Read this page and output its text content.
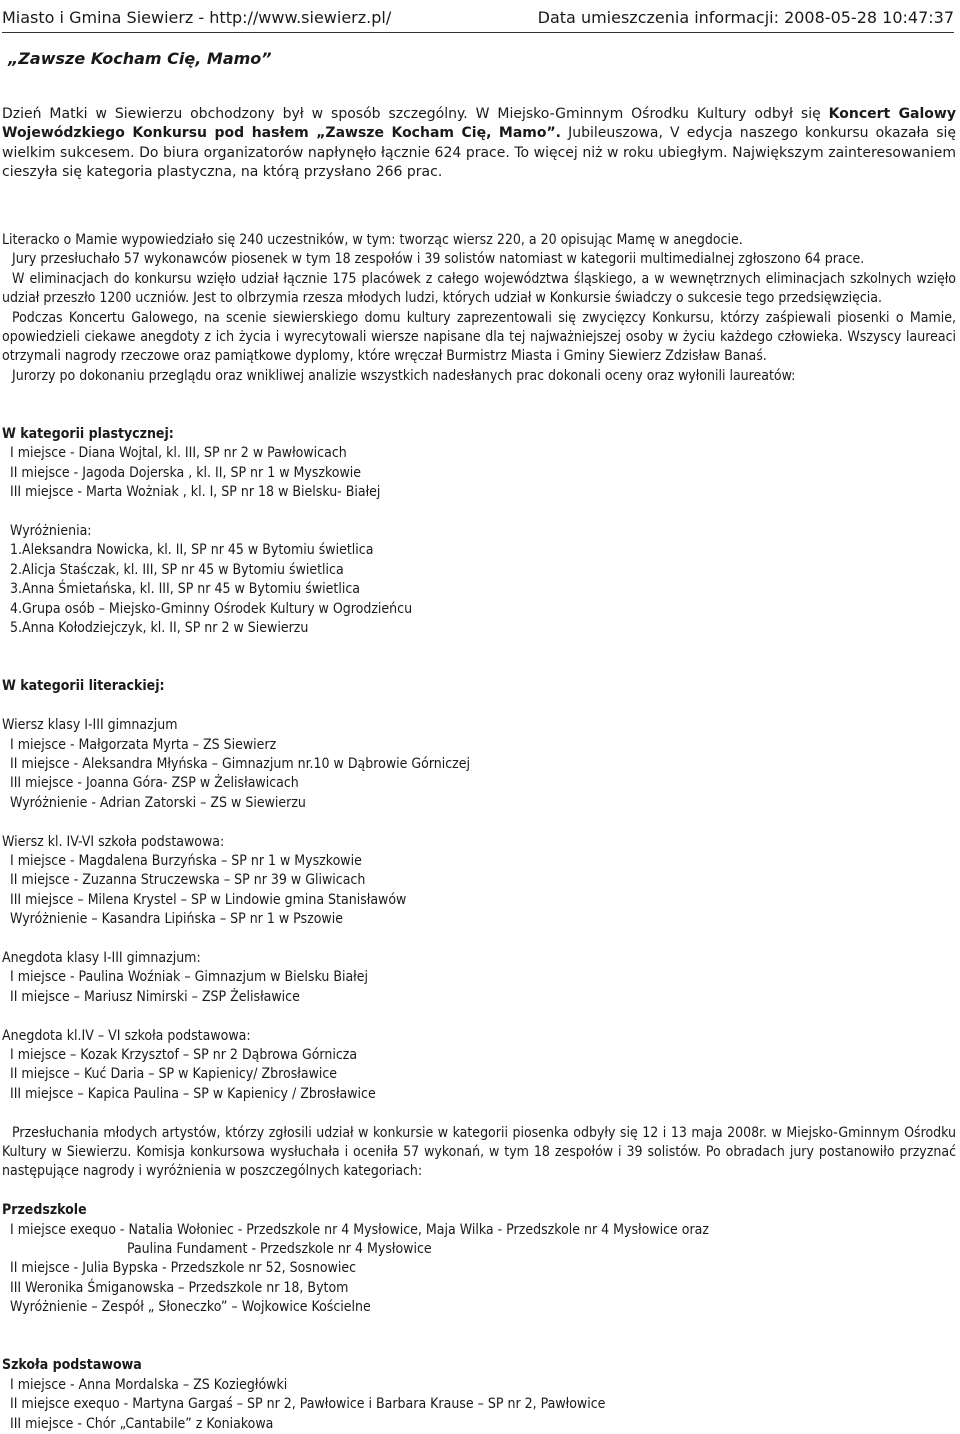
Miasto i Gmina Siewierz - http://www.siewierz.pl/	Data umieszczenia informacji: 2008-05-28 10:47:37
„Zawsze Kocham Cię, Mamo”
Dzień Matki w Siewierzu obchodzony był w sposób szczególny. W Miejsko-Gminnym Ośrodku Kultury odbył się Koncert Galowy Wojewódzkiego Konkursu pod hasłem „Zawsze Kocham Cię, Mamo”. Jubileuszowa, V edycja naszego konkursu okazała się wielkim sukcesem. Do biura organizatorów napłynęło łącznie 624 prace. To więcej niż w roku ubiegłym. Największym zainteresowaniem cieszyła się kategoria plastyczna, na którą przysłano 266 prac.

Literacko o Mamie wypowiedziało się 240 uczestników, w tym: tworząc wiersz 220, a 20 opisując Mamę w anegdocie.

Jury przesłuchało 57 wykonawców piosenek w tym 18 zespołów i 39 solistów natomiast w kategorii multimedialnej zgłoszono 64 prace.

W eliminacjach do konkursu wzięło udział łącznie 175 placówek z całego województwa śląskiego, a w wewnętrznych eliminacjach szkolnych wzięło udział przeszło 1200 uczniów. Jest to olbrzymia rzesza młodych ludzi, których udział w Konkursie świadczy o sukcesie tego przedsięwzięcia.

Podczas Koncertu Galowego, na scenie siewierskiego domu kultury zaprezentowali się zwycięzcy Konkursu, którzy zaśpiewali piosenki o Mamie, opowiedzieli ciekawe anegdoty z ich życia i wyrecytowali wiersze napisane dla tej najważniejszej osoby w życiu każdego człowieka. Wszyscy laureaci otrzymali nagrody rzeczowe oraz pamiątkowe dyplomy, które wręczał Burmistrz Miasta i Gminy Siewierz Zdzisław Banaś.

Jurorzy po dokonaniu przeglądu oraz wnikliwej analizie wszystkich nadesłanych prac dokonali oceny oraz wyłonili laureatów:

W kategorii plastycznej:

I miejsce - Diana Wojtal, kl. III, SP nr 2 w Pawłowicach

II miejsce - Jagoda Dojerska , kl. II, SP nr 1 w Myszkowie

III miejsce - Marta Wożniak , kl. I, SP nr 18 w Bielsku- Białej

Wyróżnienia:

1.Aleksandra Nowicka, kl. II, SP nr 45 w Bytomiu świetlica

2.Alicja Staśczak, kl. III, SP nr 45 w Bytomiu świetlica

3.Anna Śmietańska, kl. III, SP nr 45 w Bytomiu świetlica

4.Grupa osób – Miejsko-Gminny Ośrodek Kultury w Ogrodzieńcu

5.Anna Kołodziejczyk, kl. II, SP nr 2 w Siewierzu

W kategorii literackiej:

Wiersz klasy I-III gimnazjum

I miejsce - Małgorzata Myrta – ZS Siewierz

II miejsce - Aleksandra Młyńska – Gimnazjum nr.10 w Dąbrowie Górniczej

III miejsce - Joanna Góra- ZSP w Żelisławicach

Wyróżnienie - Adrian Zatorski – ZS w Siewierzu

Wiersz kl. IV-VI szkoła podstawowa:

I miejsce - Magdalena Burzyńska – SP nr 1 w Myszkowie

II miejsce - Zuzanna Struczewska – SP nr 39 w Gliwicach

III miejsce – Milena Krystel – SP w Lindowie gmina Stanisławów

Wyróżnienie – Kasandra Lipińska – SP nr 1 w Pszowie

Anegdota klasy I-III gimnazjum:

I miejsce - Paulina Woźniak – Gimnazjum w Bielsku Białej

II miejsce – Mariusz Nimirski – ZSP Żelisławice

Anegdota kl.IV – VI szkoła podstawowa:

I miejsce – Kozak Krzysztof – SP nr 2 Dąbrowa Górnicza

II miejsce – Kuć Daria – SP w Kapienicy/ Zbrosławice

III miejsce – Kapica Paulina – SP w Kapienicy / Zbrosławice

Przesłuchania młodych artystów, którzy zgłosili udział w konkursie w kategorii piosenka odbyły się 12 i 13 maja 2008r. w Miejsko-Gminnym Ośrodku Kultury w Siewierzu. Komisja konkursowa wysłuchała i oceniła 57 wykonań, w tym 18 zespołów i 39 solistów. Po obradach jury postanowiło przyznać następujące nagrody i wyróżnienia w poszczególnych kategoriach:

Przedszkole

I miejsce exequo - Natalia Wołoniec - Przedszkole nr 4 Mysłowice, Maja Wilka - Przedszkole nr 4 Mysłowice oraz

Paulina Fundament - Przedszkole nr 4 Mysłowice

II miejsce - Julia Bурska - Przedszkole nr 52, Sosnowiec

III Weronika Śmiganowska – Przedszkole nr 18, Bytom

Wyróżnienie – Zespół „ Słoneczko” – Wojkowice Kościelne

Szkoła podstawowa

I miejsce - Anna Mordalska – ZS Koziegłówki

II miejsce exequo - Martyna Gargaś – SP nr 2, Pawłowice i Barbara Krause – SP nr 2, Pawłowice

III miejsce - Chór „Cantabile” z Koniakowa
